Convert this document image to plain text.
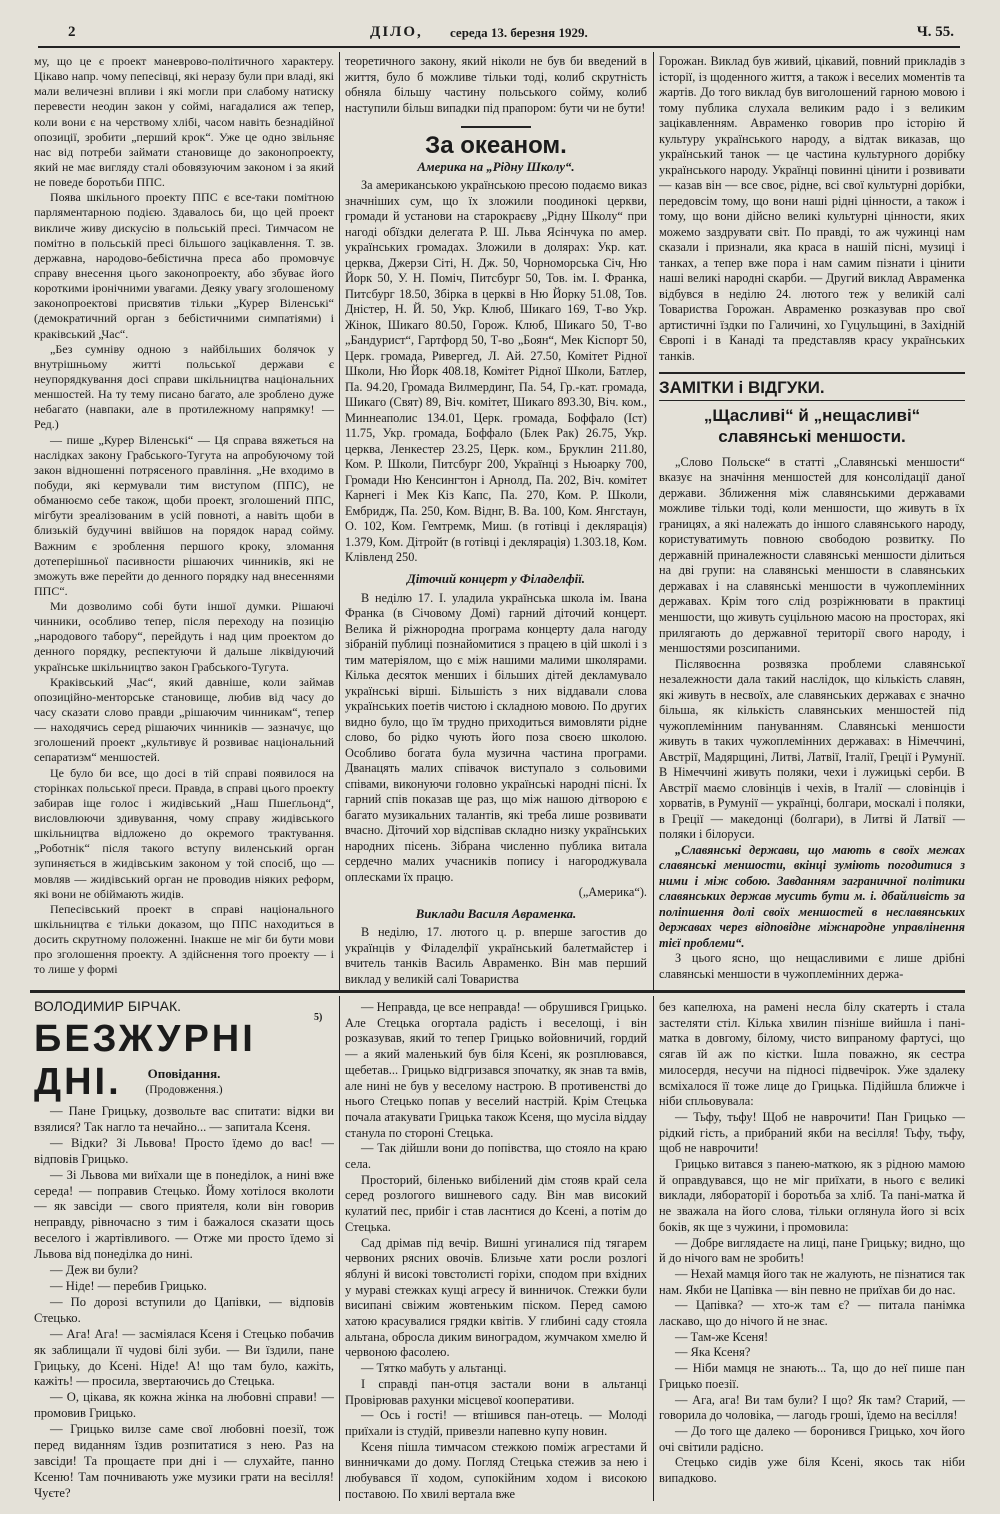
2	ДІЛО, середа 13. березня 1929.	Ч. 55.

му, що це є проект маневрово-політичного характеру. Цікаво напр. чому пепесівці, які неразу були при владі, які мали величезні впливи і які могли при слабому натиску перевести неодин закон у соймі, нагадалися аж тепер, коли вони є на черствому хлібі, часом навіть безнадійної опозиції, зробити „перший крок“. Уже це одно звільняє нас від потреби займати становище до законопроекту, який не має вигляду сталі обовязуючим законом і за який не поведе боротьби ППС.

Поява шкільного проекту ППС є все-таки помітною парляментарною подією. Здавалось би, що цей проект викличе живу дискусію в польській пресі. Тимчасом не помітно в польській пресі більшого зацікавлення. Т. зв. державна, народово-бебістична преса або промовчує справу внесення цього законопроекту, або збуває його короткими іронічними увагами. Деяку увагу зголошеному законопроектові присвятив тільки „Курер Віленські“ (демократичний орган з бебістичними симпатіями) і краківський „Час“.

„Без сумніву одною з найбільших болячок у внутрішньому житті польської держави є неупорядкування досі справи шкільництва національних меншостей. На ту тему писано багато, але зроблено дуже небагато (навпаки, але в протилежному напрямку! — Ред.)

— пише „Курер Віленські“ — Ця справа вяжеться на наслідках закону Грабського-Тугута на апробуючому той закон відношенні потрясеного правління. „Не входимо в побуди, які кермували тим виступом (ППС), не обманюємо себе також, щоби проект, зголошений ППС, мігбути зреалізованим в усій повноті, а навіть щоби в близькій будучині ввійшов на порядок нарад сойму. Важним є зроблення першого кроку, зломання дотеперішньої пасивности рішаючих чинників, які не зможуть вже перейти до денного порядку над внесеннями ППС“.

Ми дозволимо собі бути іншої думки. Рішаючі чинники, особливо тепер, після переходу на позицію „народового табору“, перейдуть і над цим проектом до денного порядку, респектуючи й дальше ліквідуючий українське шкільництво закон Грабського-Тугута.

Краківський „Час“, який давніше, коли займав опозиційно-менторське становище, любив від часу до часу сказати слово правди „рішаючим чинникам“, тепер — находячись серед рішаючих чинників — зазначує, що зголошений проект „культивує й розвиває національний сепаратизм“ меншостей.

Це було би все, що досі в тій справі появилося на сторінках польської преси. Правда, в справі цього проекту забирав іще голос і жидівський „Наш Пшеґльонд“, висловлюючи здивування, чому справу жидівського шкільництва відложено до окремого трактування. „Роботнік“ після такого вступу виленський орган зупиняється в жидівським законом у той спосіб, що — мовляв — жидівський орган не проводив ніяких реформ, які вони не обіймають жидів.

Пепесівський проект в справі національного шкільництва є тільки доказом, що ППС находиться в досить скрутному положенні. Інакше не міг би бути мови про зголошення проекту. А здійснення того проекту — і то лише у формі

теоретичного закону, який ніколи не був би введений в життя, було б можливе тільки тоді, колиб скрутність обняла більшу частину польського сойму, колиб наступили більш випадки під прапором: бути чи не бути!

За океаном.

Америка на „Рідну Школу“.

За американською українською пресою подаємо виказ значніших сум, що їх зложили поодинокі церкви, громади й установи на старокраєву „Рідну Школу“ при нагоді обїздки делегата Р. Ш. Льва Ясінчука по амер. українських громадах. Зложили в долярах: Укр. кат. церква, Джерзи Сіті, Н. Дж. 50, Чорноморська Січ, Ню Йорк 50, У. Н. Поміч, Питсбург 50, Тов. ім. І. Франка, Питсбург 18.50, Збірка в церкві в Ню Йорку 51.08, Тов. Дністер, Н. Й. 50, Укр. Клюб, Шикаго 169, Т-во Укр. Жінок, Шикаго 80.50, Горож. Клюб, Шикаго 50, Т-во „Бандурист“, Гартфорд 50, Т-во „Боян“, Мек Кіспорт 50, Церк. громада, Ривергед, Л. Ай. 27.50, Комітет Рідної Школи, Ню Йорк 408.18, Комітет Рідної Школи, Батлер, Па. 94.20, Громада Вилмердинг, Па. 54, Гр.-кат. громада, Шикаго (Свят) 89, Віч. комітет, Шикаго 893.30, Віч. ком., Миннеаполис 134.01, Церк. громада, Боффало (Іст) 11.75, Укр. громада, Боффало (Блек Рак) 26.75, Укр. церква, Ленкестер 23.25, Церк. ком., Бруклин 211.80, Ком. Р. Школи, Питсбург 200, Українці з Ньюарку 700, Громади Ню Кенсингтон і Арнолд, Па. 202, Віч. комітет Карнегі і Мек Кіз Капс, Па. 270, Ком. Р. Школи, Ембридж, Па. 250, Ком. Віднг, В. Ва. 100, Ком. Янгстаун, О. 102, Ком. Гемтремк, Миш. (в готівці і деклярація) 1.379, Ком. Дітройт (в готівці і деклярація) 1.303.18, Ком. Клівленд 250.

Діточий концерт у Філаделфії.

В неділю 17. І. уладила українська школа ім. Івана Франка (в Січовому Домі) гарний діточий концерт. Велика й ріжнородна програма концерту дала нагоду зібраній публиці познайомитися з працею в цій школі і з тим матеріялом, що є між нашими малими школярами. Кілька десяток менших і більших дітей декламувало українські вірші. Більшість з них віддавали слова українських поетів чистою і складною мовою. По других видно було, що їм трудно приходиться вимовляти рідне слово, бо рідко чують його поза своєю школою. Особливо богата була музична частина програми. Дванацять малих співачок виступало з сольовими співами, виконуючи головно українські народні пісні. Їх гарний спів показав ще раз, що між нашою дітворою є багато музикальних талантів, які треба лише розвивати вчасно. Діточий хор відспівав складно низку українських народних пісень. Зібрана численно публика витала сердечно малих учасників попису і нагороджувала оплесками їх працю.

(„Америка“).

Виклади Василя Авраменка.

В неділю, 17. лютого ц. р. вперше загостив до українців у Філаделфії український балетмайстер і вчитель танків Василь Авраменко. Він мав перший виклад у великій салі Товариства

Горожан. Виклад був живий, цікавий, повний прикладів з історії, із щоденного життя, а також і веселих моментів та жартів. До того виклад був виголошений гарною мовою і тому публика слухала великим радо і з великим зацікавленням. Авраменко говорив про історію й культуру українського народу, а відтак виказав, що український танок — це частина культурного дорібку українського народу. Українці повинні цінити і розвивати — казав він — все своє, рідне, всі свої культурні дорібки, передовсім тому, що вони наші рідні цінности, а також і тому, що вони дійсно великі культурні цінности, яких можемо заздрувати світ. По правді, то аж чужинці нам сказали і признали, яка краса в нашій пісні, музиці і танках, а тепер вже пора і нам самим пізнати і цінити наші великі народні скарби. — Другий виклад Авраменка відбувся в неділю 24. лютого теж у великій салі Товариства Горожан. Авраменко розказував про свої артистичні їздки по Галичині, хо Гуцульщині, в Західній Європі і в Канаді та представляв красу українських танків.

ЗАМІТКИ і ВІДГУКИ.
„Щасливі“ й „нещасливі“ славянські меншости.

„Слово Польске“ в статті „Славянські меншости“ вказує на значіння меншостей для консолідації даної держави. Зближення між славянськими державами можливе тільки тоді, коли меншости, що живуть в їх границях, а які належать до іншого славянського народу, користуватимуть повною свободою розвитку. По державній приналежности славянські меншости ділиться на дві групи: на славянські меншости в славянських державах і на славянські меншости в чужоплемінних державах. Крім того слід розріжнювати в практиці меншости, що живуть суцільною масою на просторах, які прилягають до державної території свого народу, і меншостями розсипаними.

Післявоєнна розвязка проблеми славянської незалежности дала такий наслідок, що кількість славян, які живуть в несвоїх, але славянських державах є значно більша, як кількість славянських меншостей під чужоплемінним пануванням. Славянські меншости живуть в таких чужоплемінних державах: в Німеччині, Австрії, Мадярщині, Литві, Латвії, Італії, Греції і Румунії. В Німеччині живуть поляки, чехи і лужицькі серби. В Австрії маємо словінців і чехів, в Італії — словінців і хорватів, в Румунії — українці, болгари, москалі і поляки, в Греції — македонці (болгари), в Литві й Латвії — поляки і білоруси.

„Славянські держави, що мають в своїх межах славянські меншости, вкінці зуміють погодитися з ними і між собою. Завданням заграничної політики славянських держав мусить бути м. і. дбайливість за поліпшення долі своїх меншостей в неславянських державах через відповідне міжнародне управлінення тієї проблеми“.

З цього ясно, що нещасливими є лише дрібні славянські меншости в чужоплемінних держа-

ВОЛОДИМИР БІРЧАК.
5)
БЕЗЖУРНІ ДНІ.	Оповідання.
(Продовження.)

— Пане Грицьку, дозвольте вас спитати: відки ви взялися? Так нагло та нечайно... — запитала Ксеня.

— Відки? Зі Львова! Просто їдемо до вас! — відповів Грицько.

— Зі Львова ми виїхали ще в понеділок, а нині вже середа! — поправив Стецько. Йому хотілося вколоти — як завсіди — свого приятеля, коли він говорив неправду, рівночасно з тим і бажалося сказати щось веселого і жартівливого. — Отже ми просто їдемо зі Львова від понеділка до нині.

— Деж ви були?

— Ніде! — перебив Грицько.

— По дорозі вступили до Цапівки, — відповів Стецько.

— Ага! Ага! — засміялася Ксеня і Стецько побачив як заблищали її чудові білі зуби. — Ви їздили, пане Грицьку, до Ксені. Ніде! А! що там було, кажіть, кажіть! — просила, звертаючись до Стецька.

— О, цікава, як кожна жінка на любовні справи! — промовив Грицько.

— Грицько вилзе саме свої любовні поезії, тож перед виданням їздив розпитатися з нею. Раз на завсіди! Та прощаєте при дні і — слухайте, панно Ксеню! Там почнивають уже музики грати на весілля! Чуєте?

— Неправда, це все неправда! — обрушився Грицько. Але Стецька огортала радість і веселощі, і він розказував, який то тепер Грицько войовничий, гордий — а який маленький був біля Ксені, як розплювався, щебетав... Грицько відгризався зпочатку, як знав та вмів, але нині не був у веселому настрою. В противенстві до нього Стецько попав у веселий настрій. Крім Стецька почала атакувати Грицька також Ксеня, що мусіла віддау станула по стороні Стецька.

— Так дійшли вони до попівства, що стояло на краю села.

Просторий, біленько вибілений дім стояв край села серед розлогого вишневого саду. Він мав високий кулатий пес, прибіг і став ласнтися до Ксені, а потім до Стецька.

Сад дрімав під вечір. Вишні угиналися під тягарем червоних рясних овочів. Близьче хати росли розлогі яблуні й високі товстолисті горіхи, сподом при вхідних у мураві стежках кущі агресу й винничок. Стежки були висипані свіжим жовтеньким піском. Перед самою хатою красувалися грядки квітів. У глибині саду стояла альтана, обросла диким виноградом, жумчаком хмелю й червоною фасолею.

— Тятко мабуть у альтанці.

І справді пан-отця застали вони в альтанці Провірював рахунки місцевої кооперативи.

— Ось і гості! — втішився пан-отець. — Молоді приїхали із студій, привезли напевно купу новин.

Ксеня пішла тимчасом стежкою поміж агрестами й винничками до дому. Погляд Стецька стежив за нею і любувався її ходом, супокійним ходом і високою поставою. По хвилі вертала вже

без капелюха, на рамені несла білу скатерть і стала застеляти стіл. Кілька хвилин пізніше вийшла і пані-матка в довгому, білому, чисто випраному фартусі, що сягав їй аж по кістки. Ішла поважно, як сестра милосердя, несучи на підносі підвечірок. Уже здалеку всміхалося її тоже лице до Грицька. Підійшла ближче і ніби спльовувала:

— Тьфу, тьфу! Щоб не наврочити! Пан Грицько — рідкий гість, а прибраний якби на весілля! Тьфу, тьфу, щоб не наврочити!

Грицько витався з панею-маткою, як з рідною мамою й оправдувався, що не міг приїхати, в нього є великі виклади, лябораторії і боротьба за хліб. Та пані-матка й не зважала на його слова, тільки оглянула його зі всіх боків, як ще з чужини, і промовила:

— Добре виглядаєте на лиці, пане Грицьку; видно, що й до нічого вам не зробить!

— Нехай мамця його так не жалують, не пізнатися так нам. Якби не Цапівка — він певно не приїхав би до нас.

— Цапівка? — хто-ж там є? — питала панімка ласкаво, що до нічого й не знає.

— Там-же Ксеня!

— Яка Ксеня?

— Ніби мамця не знають... Та, що до неї пише пан Грицько поезії.

— Ага, ага! Ви там були? І що? Як там? Старий, — говорила до чоловіка, — лагодь гроші, їдемо на весілля!

— До того ще далеко — боронився Грицько, хоч його очі світили радісно.

Стецько сидів уже біля Ксені, якось так ніби випадково.
